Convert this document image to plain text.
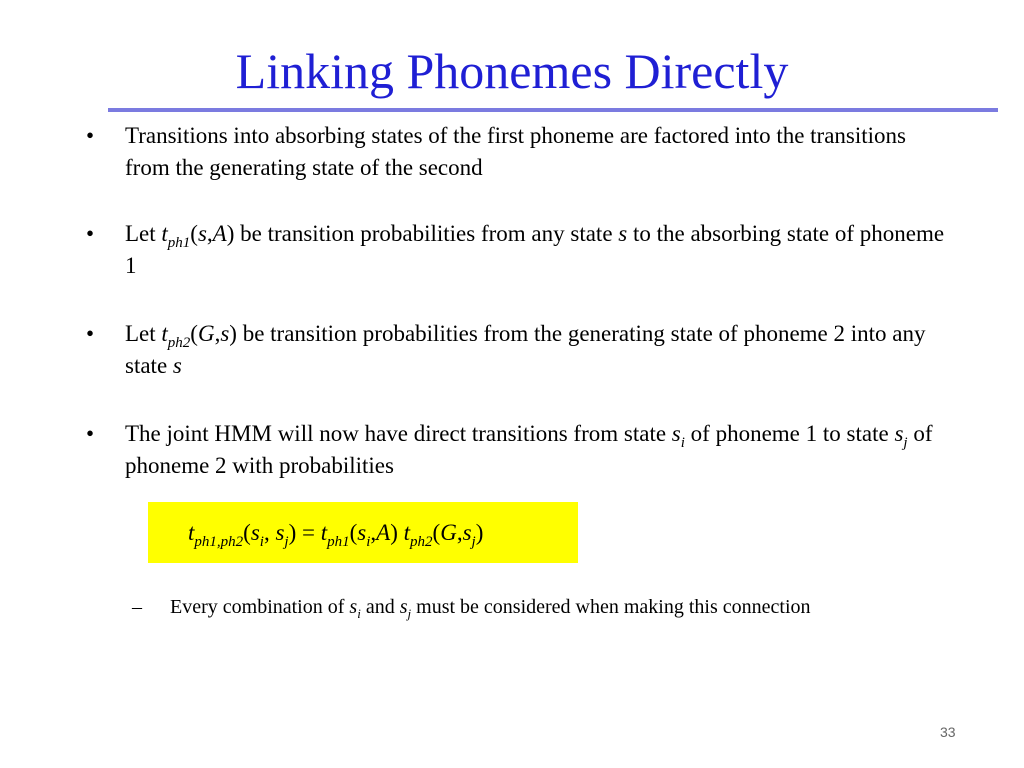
Linking Phonemes Directly
• Transitions into absorbing states of the first phoneme are factored into the transitions from the generating state of the second
• Let $t_{ph1}(s,A)$ be transition probabilities from any state s to the absorbing state of phoneme 1
• Let $t_{ph2}(G,s)$ be transition probabilities from the generating state of phoneme 2 into any state s
• The joint HMM will now have direct transitions from state $s_i$ of phoneme 1 to state $s_j$ of phoneme 2 with probabilities
$t_{ph1,ph2}(s_i$, $s_j) = t_{ph1}(s_i,A)$ $t_{ph2}(G,s_j)$
– Every combination of $s_i$ and $s_j$ must be considered when making this connection
33
